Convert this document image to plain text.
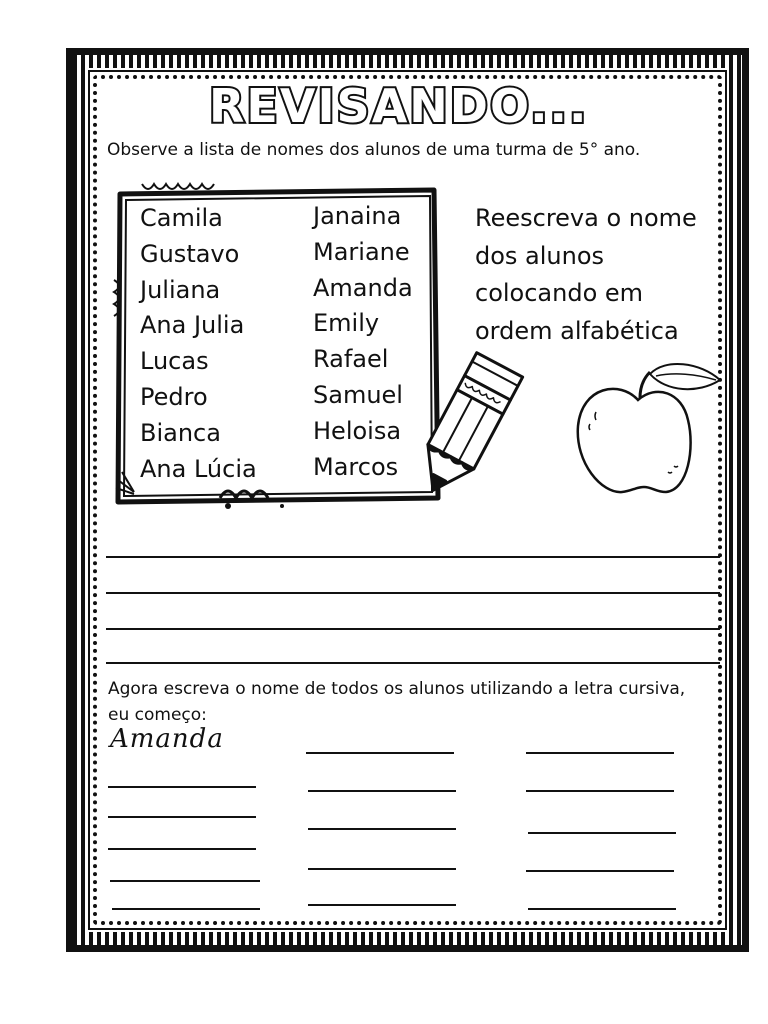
REVISANDO...
Observe a lista de nomes dos alunos de uma turma de 5° ano.
Camila
Gustavo
Juliana
Ana Julia
Lucas
Pedro
Bianca
Ana Lúcia
Janaina
Mariane
Amanda
Emily
Rafael
Samuel
Heloisa
Marcos
Reescreva o nome
dos alunos
colocando em
ordem alfabética
Agora escreva o nome de todos os alunos utilizando a letra cursiva,
eu começo:
Amanda
